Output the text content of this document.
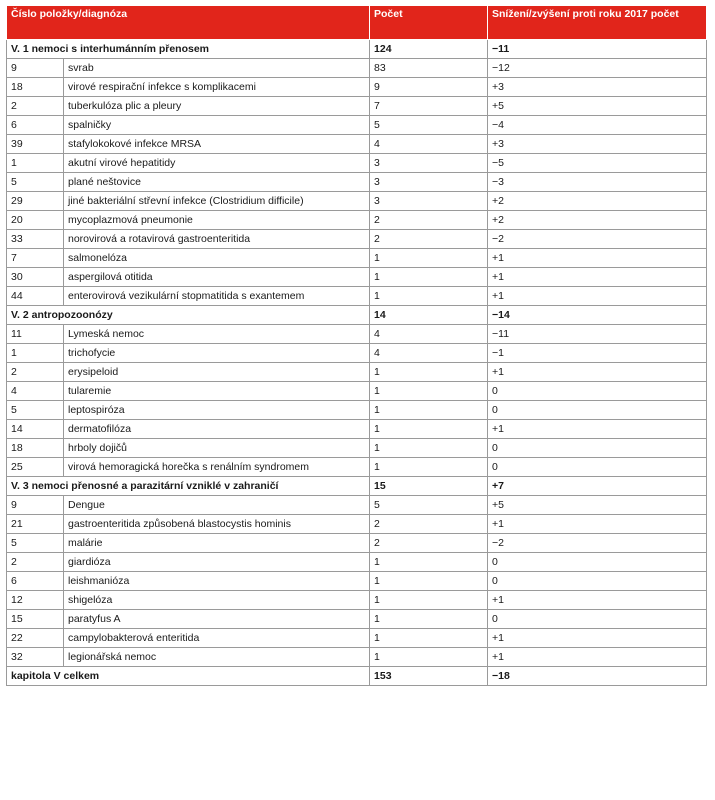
Číslo položky/diagnóza		Počet	Snížení/zvýšení proti roku 2017 počet
V. 1 nemoci s interhumánním přenosem		124	−11
9	svrab	83	−12
18	virové respirační infekce s komplikacemi	9	+3
2	tuberkulóza plic a pleury	7	+5
6	spalničky	5	−4
39	stafylokokové infekce MRSA	4	+3
1	akutní virové hepatitidy	3	−5
5	plané neštovice	3	−3
29	jiné bakteriální střevní infekce (Clostridium difficile)	3	+2
20	mycoplazmová pneumonie	2	+2
33	norovirová a rotavirová gastroenteritida	2	−2
7	salmonelóza	1	+1
30	aspergilová otitida	1	+1
44	enterovirová vezikulární stopmatitida s exantemem	1	+1
V. 2 antropozoonózy		14	−14
11	Lymeská nemoc	4	−11
1	trichofycie	4	−1
2	erysipeloid	1	+1
4	tularemie	1	0
5	leptospiróza	1	0
14	dermatofilóza	1	+1
18	hrboly dojičů	1	0
25	virová hemoragická horečka s renálním syndromem	1	0
V. 3 nemoci přenosné a parazitární vzniklé v zahraničí		15	+7
9	Dengue	5	+5
21	gastroenteritida způsobená blastocystis hominis	2	+1
5	malárie	2	−2
2	giardióza	1	0
6	leishmanióza	1	0
12	shigelóza	1	+1
15	paratyfus A	1	0
22	campylobakterová enteritida	1	+1
32	legionářská nemoc	1	+1
kapitola V celkem		153	−18
